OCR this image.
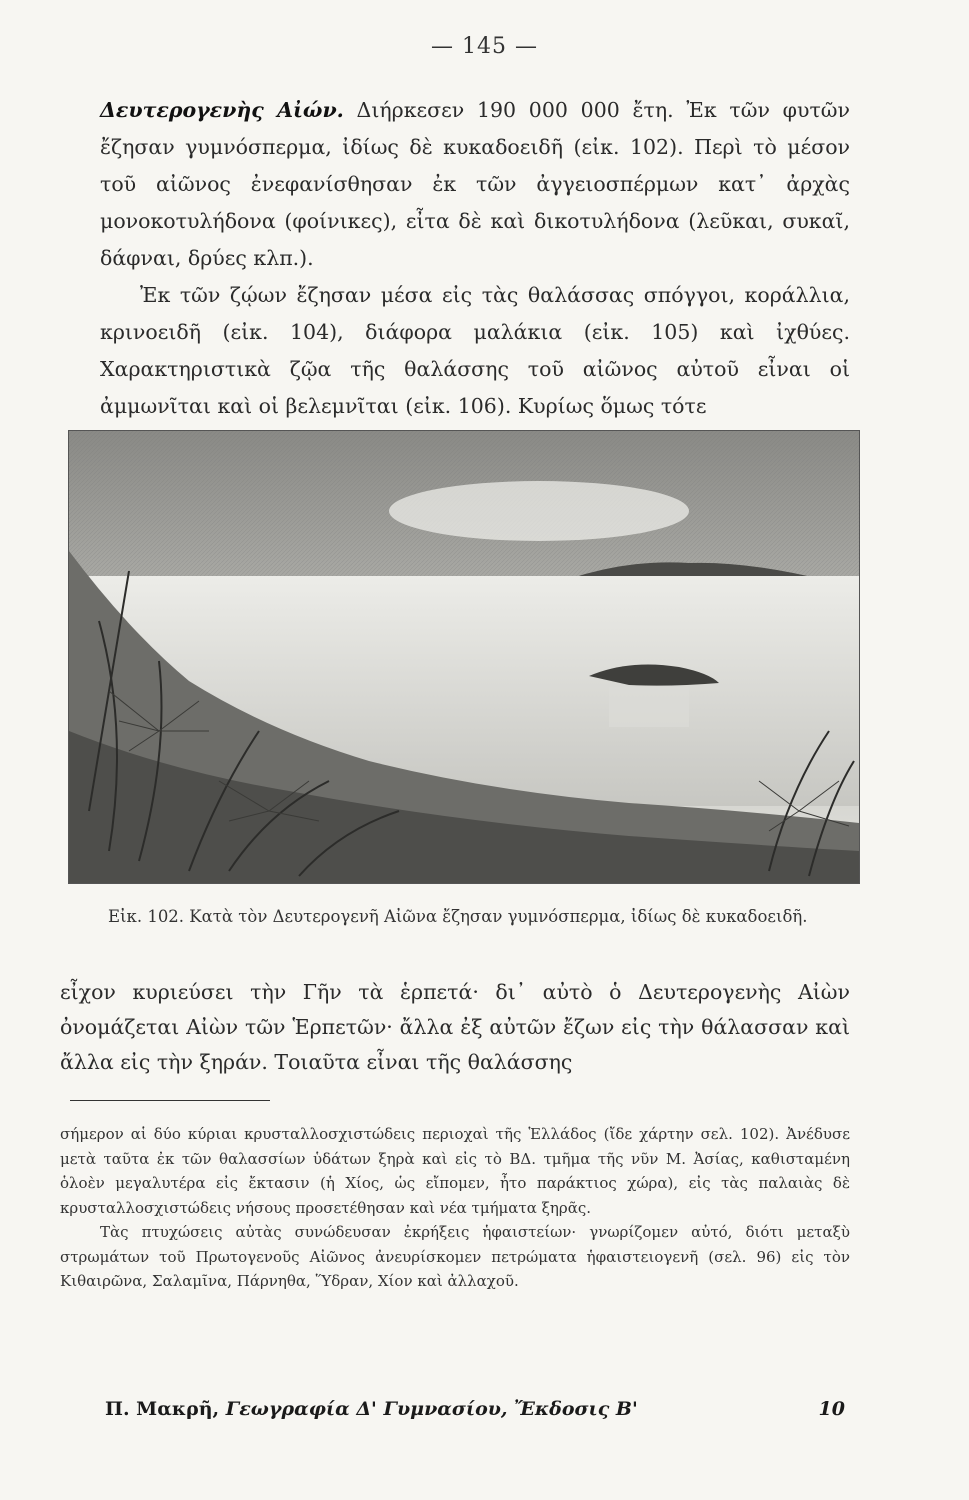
— 145 —

Δευτερογενὴς Αἰών. Διήρκεσεν 190 000 000 ἔτη. Ἐκ τῶν φυτῶν ἔζησαν γυμνόσπερμα, ἰδίως δὲ κυκαδοειδῆ (εἰκ. 102). Περὶ τὸ μέσον τοῦ αἰῶνος ἐνεφανίσθησαν ἐκ τῶν ἀγγειοσπέρμων κατ᾽ ἀρχὰς μονοκοτυλήδονα (φοίνικες), εἶτα δὲ καὶ δικοτυλήδονα (λεῦκαι, συκαῖ, δάφναι, δρύες κλπ.).

Ἐκ τῶν ζῴων ἔζησαν μέσα εἰς τὰς θαλάσσας σπόγγοι, κοράλλια, κρινοειδῆ (εἰκ. 104), διάφορα μαλάκια (εἰκ. 105) καὶ ἰχθύες. Χαρακτηριστικὰ ζῷα τῆς θαλάσσης τοῦ αἰῶνος αὐτοῦ εἶναι οἱ ἀμμωνῖται καὶ οἱ βελεμνῖται (εἰκ. 106). Κυρίως ὅμως τότε

Εἰκ. 102. Κατὰ τὸν Δευτερογενῆ Αἰῶνα ἔζησαν γυμνόσπερμα, ἰδίως δὲ κυκαδοειδῆ.

εἶχον κυριεύσει τὴν Γῆν τὰ ἑρπετά· δι᾽ αὐτὸ ὁ Δευτερογενὴς Αἰὼν ὀνομάζεται Αἰὼν τῶν Ἑρπετῶν· ἄλλα ἐξ αὐτῶν ἔζων εἰς τὴν θάλασσαν καὶ ἄλλα εἰς τὴν ξηράν. Τοιαῦτα εἶναι τῆς θαλάσσης

σήμερον αἱ δύο κύριαι κρυσταλλοσχιστώδεις περιοχαὶ τῆς Ἑλλάδος (ἴδε χάρτην σελ. 102). Ἀνέδυσε μετὰ ταῦτα ἐκ τῶν θαλασσίων ὑδάτων ξηρὰ καὶ εἰς τὸ ΒΔ. τμῆμα τῆς νῦν Μ. Ἀσίας, καθισταμένη ὁλοὲν μεγαλυτέρα εἰς ἔκτασιν (ἡ Χίος, ὡς εἴπομεν, ἦτο παράκτιος χώρα), εἰς τὰς παλαιὰς δὲ κρυσταλλοσχιστώδεις νήσους προσετέθησαν καὶ νέα τμήματα ξηρᾶς.

Τὰς πτυχώσεις αὐτὰς συνώδευσαν ἐκρήξεις ἡφαιστείων· γνωρίζομεν αὐτό, διότι μεταξὺ στρωμάτων τοῦ Πρωτογενοῦς Αἰῶνος ἀνευρίσκομεν πετρώματα ἡφαιστειογενῆ (σελ. 96) εἰς τὸν Κιθαιρῶνα, Σαλαμῖνα, Πάρνηθα, Ὕδραν, Χίον καὶ ἀλλαχοῦ.

Π. Μακρῆ, Γεωγραφία Δ' Γυμνασίου, Ἔκδοσις Β'	10
